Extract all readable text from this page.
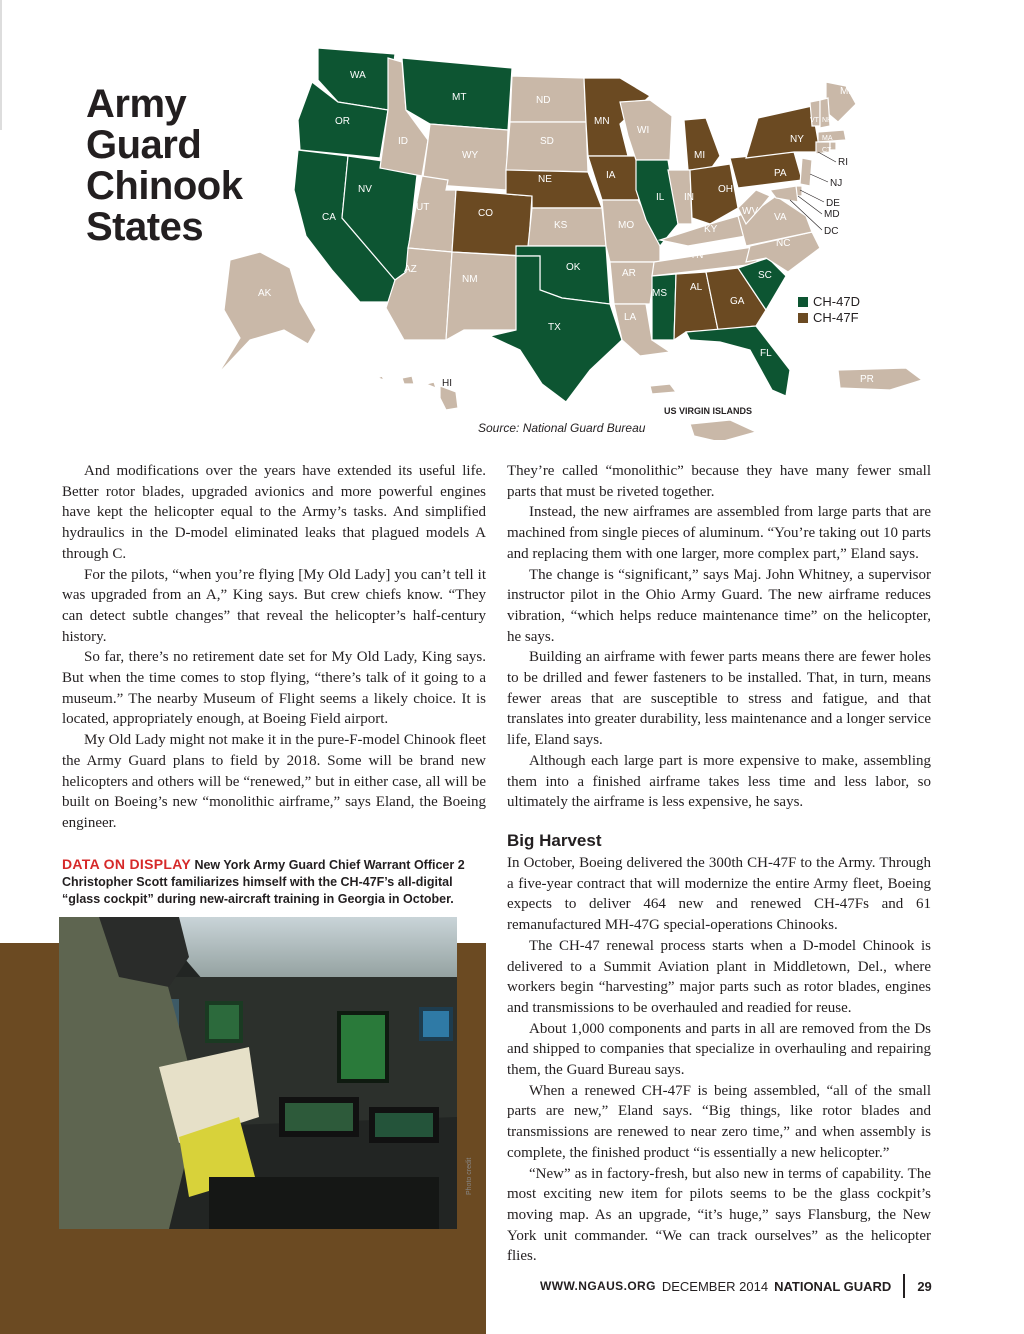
Army
Guard
Chinook
States
WA
OR
CA
NV
ID
MT
WY
UT
AZ
CO
NM
ND
SD
NE
KS
OK
TX
MN
IA
MO
AR
LA
WI
IL
MI
IN
OH
KY
TN
MS
AL
GA
FL
SC
NC
VA
WV
PA
NY
ME
VT NH
MA
CT
RI
NJ
DE
MD
DC
AK
HI	PR
CH-47D
CH-47F
US VIRGIN ISLANDS
Source: National Guard Bureau

And modifications over the years have extended its useful life. Better rotor blades, upgraded avionics and more powerful engines have kept the helicopter equal to the Army’s tasks. And simplified hydraulics in the D-model eliminated leaks that plagued models A through C.

For the pilots, “when you’re flying [My Old Lady] you can’t tell it was upgraded from an A,” King says. But crew chiefs know. “They can detect subtle changes” that reveal the helicopter’s half-century history.

So far, there’s no retirement date set for My Old Lady, King says. But when the time comes to stop flying, “there’s talk of it going to a museum.” The nearby Museum of Flight seems a likely choice. It is located, appropriately enough, at Boeing Field airport.

My Old Lady might not make it in the pure-F-model Chinook fleet the Army Guard plans to field by 2018. Some will be brand new helicopters and others will be “renewed,” but in either case, all will be built on Boeing’s new “monolithic airframe,” says Eland, the Boeing engineer.

They’re called “monolithic” because they have many fewer small parts that must be riveted together.

Instead, the new airframes are assembled from large parts that are machined from single pieces of aluminum. “You’re taking out 10 parts and replacing them with one larger, more complex part,” Eland says.

The change is “significant,” says Maj. John Whitney, a supervisor instructor pilot in the Ohio Army Guard. The new airframe reduces vibration, “which helps reduce maintenance time” on the helicopter, he says.

Building an airframe with fewer parts means there are fewer holes to be drilled and fewer fasteners to be installed. That, in turn, means fewer areas that are susceptible to stress and fatigue, and that translates into greater durability, less maintenance and a longer service life, Eland says.

Although each large part is more expensive to make, assembling them into a finished airframe takes less time and less labor, so ultimately the airframe is less expensive, he says.

Big Harvest

In October, Boeing delivered the 300th CH-47F to the Army. Through a five-year contract that will modernize the entire Army fleet, Boeing expects to deliver 464 new and renewed CH-47Fs and 61 remanufactured MH-47G special-operations Chinooks.

The CH-47 renewal process starts when a D-model Chinook is delivered to a Summit Aviation plant in Middletown, Del., where workers begin “harvesting” major parts such as rotor blades, engines and transmissions to be overhauled and readied for reuse.

About 1,000 components and parts in all are removed from the Ds and shipped to companies that specialize in overhauling and repairing them, the Guard Bureau says.

When a renewed CH-47F is being assembled, “all of the small parts are new,” Eland says. “Big things, like rotor blades and transmissions are renewed to near zero time,” and when assembly is complete, the finished product “is essentially a new helicopter.”

“New” as in factory-fresh, but also new in terms of capability. The most exciting new item for pilots seems to be the glass cockpit’s moving map. As an upgrade, “it’s huge,” says Flansburg, the New York unit commander. “We can track ourselves” as the helicopter flies.

DATA ON DISPLAY New York Army Guard Chief Warrant Officer 2 Christopher Scott familiarizes himself with the CH-47F’s all-digital “glass cockpit” during new-aircraft training in Georgia in October.
Photo credit
WWW.NGAUS.ORG DECEMBER 2014 NATIONAL GUARD 29
